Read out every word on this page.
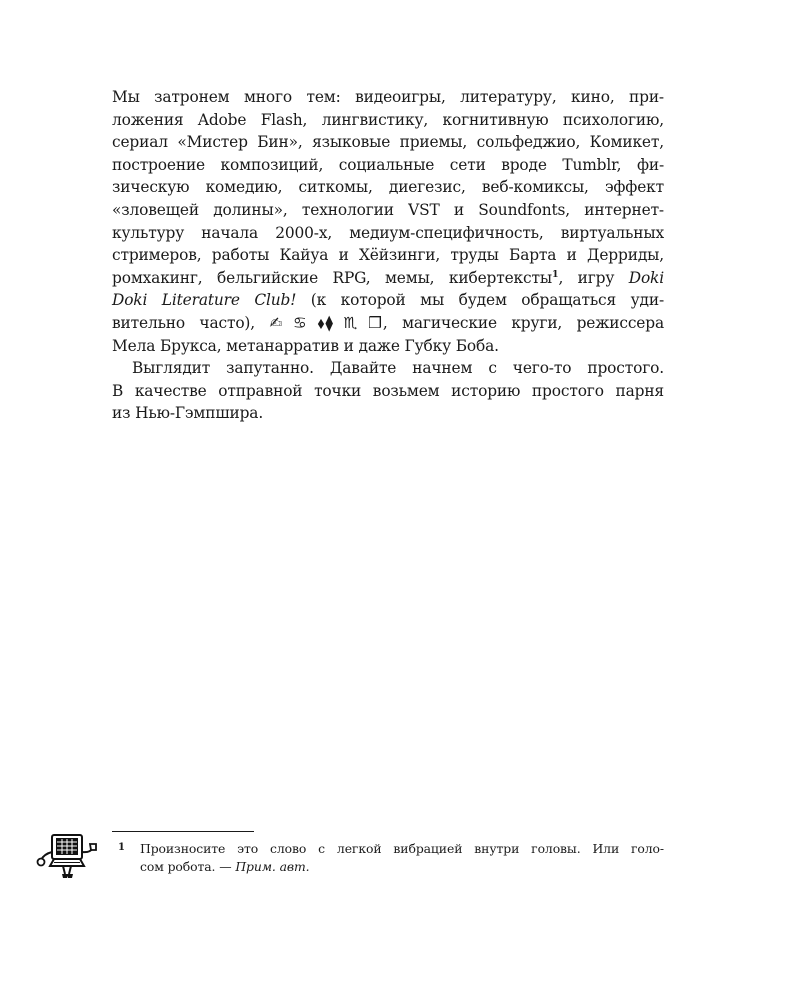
Мы затронем много тем: видеоигры, литературу, кино, при-
ложения Adobe Flash, лингвистику, когнитивную психологию,
сериал «Мистер Бин», языковые приемы, сольфеджио, Комикет,
построение композиций, социальные сети вроде Tumblr, фи-
зическую комедию, ситкомы, диегезис, веб-комиксы, эффект
«зловещей долины», технологии VST и Soundfonts, интернет-
культуру начала 2000-х, медиум-специфичность, виртуальных
стримеров, работы Кайуа и Хёйзинги, труды Барта и Дерриды,
ромхакинг, бельгийские RPG, мемы, кибертексты$^1$, игру Doki
Doki Literature Club! (к которой мы будем обращаться уди-
вительно часто), ✍♋⬧⧫♏❒, магические круги, режиссера
Мела Брукса, метанарратив и даже Губку Боба.

Выглядит запутанно. Давайте начнем с чего-то простого.
В качестве отправной точки возьмем историю простого парня
из Нью-Гэмпшира.

1 Произносите это слово с легкой вибрацией внутри головы. Или голо-
сом робота. — Прим. авт.
